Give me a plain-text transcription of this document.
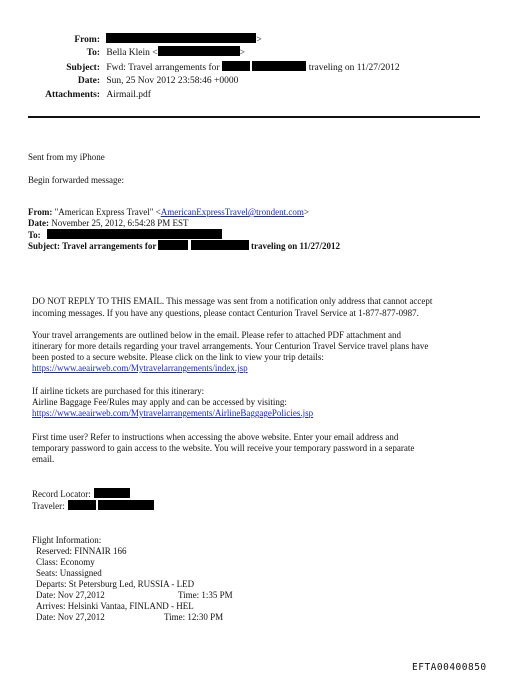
From:	>
To: Bella Klein <	>
Subject: Fwd: Travel arrangements for	traveling on 11/27/2012
Date: Sun, 25 Nov 2012 23:58:46 +0000
Attachments: Airmail.pdf
Sent from my iPhone
Begin forwarded message:
From: "American Express Travel" <AmericanExpressTravel@trondent.com>
Date: November 25, 2012, 6:54:28 PM EST
To:
Subject: Travel arrangements for	traveling on 11/27/2012
DO NOT REPLY TO THIS EMAIL. This message was sent from a notification only address that cannot accept
incoming messages. If you have any questions, please contact Centurion Travel Service at 1-877-877-0987.
Your travel arrangements are outlined below in the email. Please refer to attached PDF attachment and
itinerary for more details regarding your travel arrangements. Your Centurion Travel Service travel plans have
been posted to a secure website. Please click on the link to view your trip details:
https://www.aeairweb.com/Mytravelarrangements/index.jsp
If airline tickets are purchased for this itinerary:
Airline Baggage Fee/Rules may apply and can be accessed by visiting:
https://www.aeairweb.com/Mytravelarrangements/AirlineBaggagePolicies.jsp
First time user? Refer to instructions when accessing the above website. Enter your email address and
temporary password to gain access to the website. You will receive your temporary password in a separate
email.
Record Locator:
Traveler:
Flight Information:
Reserved: FINNAIR 166
Class: Economy
Seats: Unassigned
Departs: St Petersburg Led, RUSSIA - LED
Date: Nov 27,2012	Time: 1:35 PM
Arrives: Helsinki Vantaa, FINLAND - HEL
Date: Nov 27,2012	Time: 12:30 PM
EFTA00400850
